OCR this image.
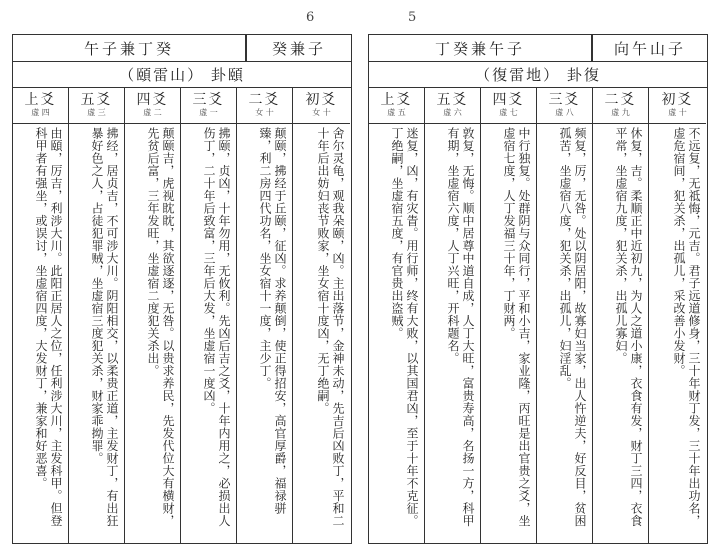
6
午子兼丁癸	癸兼子
（頤雷山） 卦頤
上爻
虚 四
由頤，厉吉，利涉大川。此阳正居人之位，任利涉大川，主发科甲。但登科甲者有强坐，或误讨，坐虚宿四度，大发财丁，兼家和好恶喜。
五爻
虚 三
拂经，居贞吉，不可涉大川。阴阳相交，以柔贵正道，主发财丁，有出狂暴好色之人，占徒犯罪贼，坐虚宿三度犯关杀，财家乖拗罪。
四爻
虚 二
颠颐吉，虎视眈眈，其欲逐逐，无咎。以贵求养民，先发代位大有横财，先贫后富，三年发旺，坐虚宿二度犯关杀出。
三爻
虚 一
拂颐，贞凶，十年勿用，无攸利。先凶后吉之爻，十年内用之，必损出人伤丁，二十年后致富，三年后大发，坐虚宿一度凶。
二爻
女 十
颠颐，拂经于丘颐，征凶。求养颠倒，使正得招安，高官厚爵，福禄骈臻，利二房四代功名，坐女宿十一度，主少丁。
初爻
女 十
舍尔灵龟，观我朵颐，凶。主出落节，金神未动，先吉后凶败丁，平和二十年后出妨妇丧节败家，坐女宿十度凶，无丁绝嗣。
5
丁癸兼午子	向午山子
（復雷地） 卦復
上爻
虚 五
迷复，凶，有灾眚。用行师，终有大败，以其国君凶，至于十年不克征。丁绝嗣，坐虚宿五度，有官贵出盗贼。
五爻
虚 六
敦复，无悔。顺中居尊中道自成，人丁大旺，富贵寿高，名扬一方，科甲有期，坐虚宿六度，人丁兴旺，开科题名。
四爻
虚 七
中行独复。处群阴与众同行，平和小吉，家业隆，丙旺是出官贵之爻，坐虚宿七度，人丁发福三十年，丁财两。
三爻
虚 八
频复，厉，无咎。处以阴居阳，故寡妇当家，出人忤逆夫，好反目，贫困孤苦，坐虚宿八度，犯关杀，出孤儿，妇淫乱。
二爻
虚 九
休复，吉。柔顺正中近初九，为人之道小康，衣食有发，财丁三四，衣食平常，坐虚宿九度，犯关杀，出孤儿寡妇。
初爻
虚 十
不远复，无祗悔，元吉。君子远道修身，三十年财丁发，三十年出功名，虚危宿间，犯关杀，出孤儿，采改善小发财。
